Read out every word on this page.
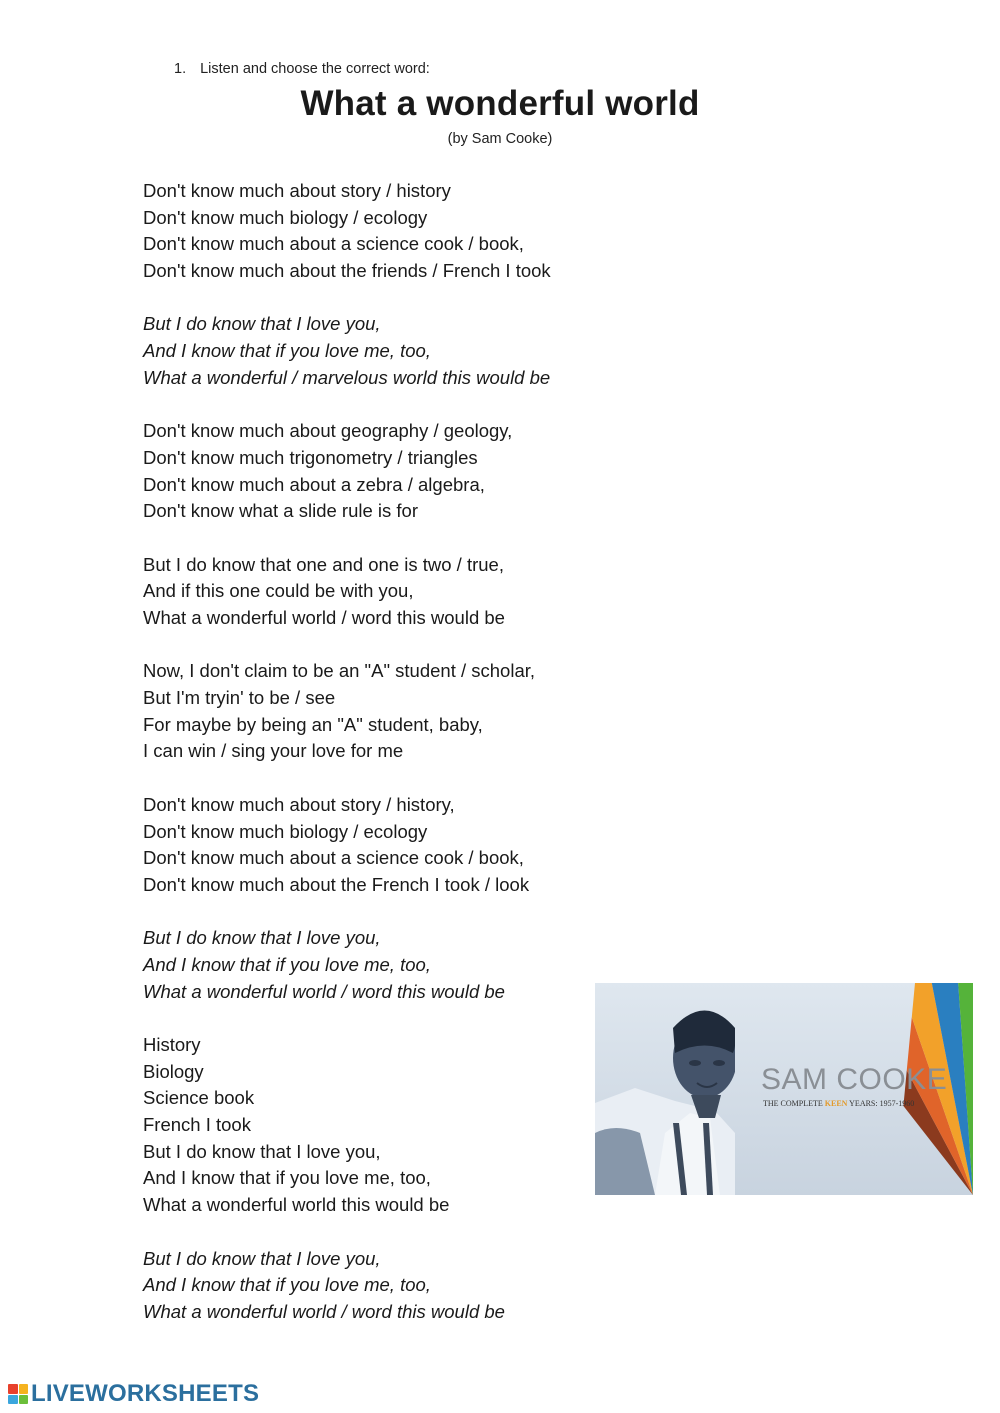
1. Listen and choose the correct word:
What a wonderful world
(by Sam Cooke)
Don't know much about story / history
Don't know much biology / ecology
Don't know much about a science cook / book,
Don't know much about the friends / French I took
But I do know that I love you,
And I know that if you love me, too,
What a wonderful / marvelous world this would be
Don't know much about geography / geology,
Don't know much trigonometry / triangles
Don't know much about a zebra / algebra,
Don't know what a slide rule is for
But I do know that one and one is two / true,
And if this one could be with you,
What a wonderful world / word this would be
Now, I don't claim to be an "A" student / scholar,
But I'm tryin' to be / see
For maybe by being an "A" student, baby,
I can win / sing your love for me
Don't know much about story / history,
Don't know much biology / ecology
Don't know much about a science cook / book,
Don't know much about the French I took / look
But I do know that I love you,
And I know that if you love me, too,
What a wonderful world / word this would be
History
Biology
Science book
French I took
But I do know that I love you,
And I know that if you love me, too,
What a wonderful world this would be
But I do know that I love you,
And I know that if you love me, too,
What a wonderful world / word this would be
SAM COOKE
THE COMPLETE KEEN YEARS: 1957-1960
LIVEWORKSHEETS
